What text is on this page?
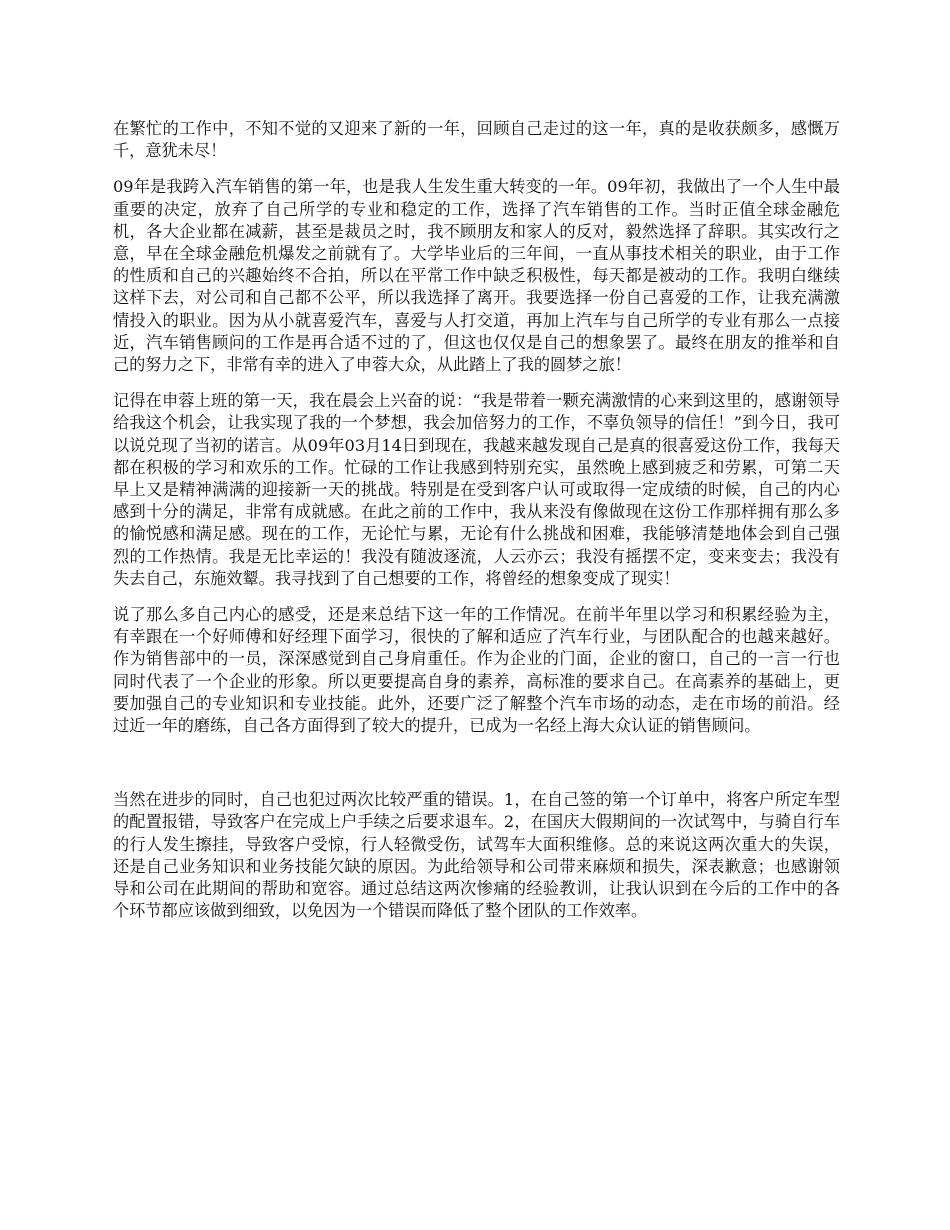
在繁忙的工作中，不知不觉的又迎来了新的一年，回顾自己走过的这一年，真的是收获颇多，感慨万千，意犹未尽！

09年是我跨入汽车销售的第一年，也是我人生发生重大转变的一年。09年初，我做出了一个人生中最重要的决定，放弃了自己所学的专业和稳定的工作，选择了汽车销售的工作。当时正值全球金融危机，各大企业都在减薪，甚至是裁员之时，我不顾朋友和家人的反对，毅然选择了辞职。其实改行之意，早在全球金融危机爆发之前就有了。大学毕业后的三年间，一直从事技术相关的职业，由于工作的性质和自己的兴趣始终不合拍，所以在平常工作中缺乏积极性，每天都是被动的工作。我明白继续这样下去，对公司和自己都不公平，所以我选择了离开。我要选择一份自己喜爱的工作，让我充满激情投入的职业。因为从小就喜爱汽车，喜爱与人打交道，再加上汽车与自己所学的专业有那么一点接近，汽车销售顾问的工作是再合适不过的了，但这也仅仅是自己的想象罢了。最终在朋友的推举和自己的努力之下，非常有幸的进入了申蓉大众，从此踏上了我的圆梦之旅！

记得在申蓉上班的第一天，我在晨会上兴奋的说：“我是带着一颗充满激情的心来到这里的，感谢领导给我这个机会，让我实现了我的一个梦想，我会加倍努力的工作，不辜负领导的信任！”到今日，我可以说兑现了当初的诺言。从09年03月14日到现在，我越来越发现自己是真的很喜爱这份工作，我每天都在积极的学习和欢乐的工作。忙碌的工作让我感到特别充实，虽然晚上感到疲乏和劳累，可第二天早上又是精神满满的迎接新一天的挑战。特别是在受到客户认可或取得一定成绩的时候，自己的内心感到十分的满足，非常有成就感。在此之前的工作中，我从来没有像做现在这份工作那样拥有那么多的愉悦感和满足感。现在的工作，无论忙与累，无论有什么挑战和困难，我能够清楚地体会到自己强烈的工作热情。我是无比幸运的！我没有随波逐流，人云亦云；我没有摇摆不定，变来变去；我没有失去自己，东施效颦。我寻找到了自己想要的工作，将曾经的想象变成了现实！

说了那么多自己内心的感受，还是来总结下这一年的工作情况。在前半年里以学习和积累经验为主，有幸跟在一个好师傅和好经理下面学习，很快的了解和适应了汽车行业，与团队配合的也越来越好。作为销售部中的一员，深深感觉到自己身肩重任。作为企业的门面，企业的窗口，自己的一言一行也同时代表了一个企业的形象。所以更要提高自身的素养，高标准的要求自己。在高素养的基础上，更要加强自己的专业知识和专业技能。此外，还要广泛了解整个汽车市场的动态，走在市场的前沿。经过近一年的磨练，自己各方面得到了较大的提升，已成为一名经上海大众认证的销售顾问。

当然在进步的同时，自己也犯过两次比较严重的错误。1，在自己签的第一个订单中，将客户所定车型的配置报错，导致客户在完成上户手续之后要求退车。2，在国庆大假期间的一次试驾中，与骑自行车的行人发生擦挂，导致客户受惊，行人轻微受伤，试驾车大面积维修。总的来说这两次重大的失误，还是自己业务知识和业务技能欠缺的原因。为此给领导和公司带来麻烦和损失，深表歉意；也感谢领导和公司在此期间的帮助和宽容。通过总结这两次惨痛的经验教训，让我认识到在今后的工作中的各个环节都应该做到细致，以免因为一个错误而降低了整个团队的工作效率。
